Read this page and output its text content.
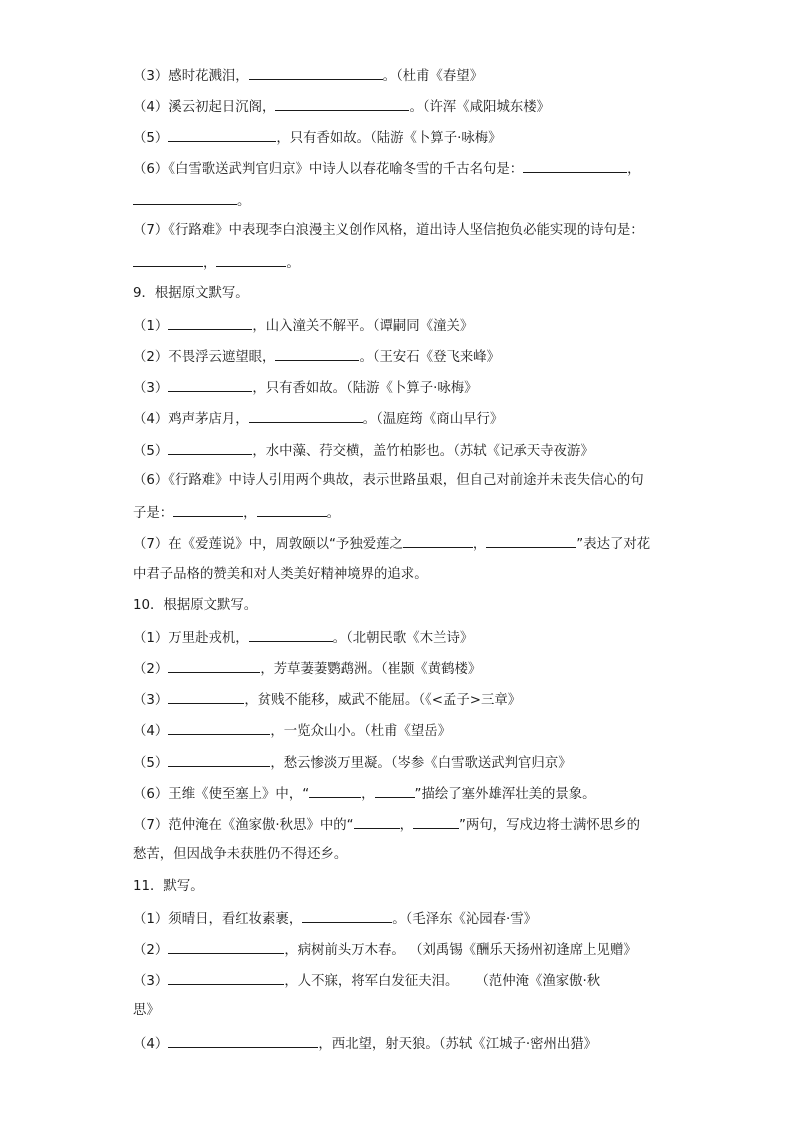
（3）感时花溅泪，	。（杜甫《春望》
（4）溪云初起日沉阁，	。（许浑《咸阳城东楼》
（5）	，只有香如故。（陆游《卜算子·咏梅》
（6）《白雪歌送武判官归京》中诗人以春花喻冬雪的千古名句是：	，
。
（7）《行路难》中表现李白浪漫主义创作风格，道出诗人坚信抱负必能实现的诗句是：
，	。
9．根据原文默写。
（1）	，山入潼关不解平。（谭嗣同《潼关》
（2）不畏浮云遮望眼，	。（王安石《登飞来峰》
（3）	，只有香如故。（陆游《卜算子·咏梅》
（4）鸡声茅店月，	。（温庭筠《商山早行》
（5）	，水中藻、荇交横，盖竹柏影也。（苏轼《记承天寺夜游》
（6）《行路难》中诗人引用两个典故，表示世路虽艰，但自己对前途并未丧失信心的句
子是：	，	。
（7）在《爱莲说》中，周敦颐以“予独爱莲之	，	”表达了对花
中君子品格的赞美和对人类美好精神境界的追求。
10．根据原文默写。
（1）万里赴戎机，	。（北朝民歌《木兰诗》
（2）	，芳草萋萋鹦鹉洲。（崔颢《黄鹤楼》
（3）	，贫贱不能移，威武不能屈。（《<孟子>三章》
（4）	，一览众山小。（杜甫《望岳》
（5）	，愁云惨淡万里凝。（岑参《白雪歌送武判官归京》
（6）王维《使至塞上》中，“	，	”描绘了塞外雄浑壮美的景象。
（7）范仲淹在《渔家傲·秋思》中的“	，	”两句，写戍边将士满怀思乡的
愁苦，但因战争未获胜仍不得还乡。
11．默写。
（1）须晴日，看红妆素裹，	。（毛泽东《沁园春·雪》
（2）	，病树前头万木春。 （刘禹锡《酬乐天扬州初逢席上见赠》
（3）	，人不寐，将军白发征夫泪。    （范仲淹《渔家傲·秋
思》
（4）	，西北望，射天狼。（苏轼《江城子·密州出猎》
